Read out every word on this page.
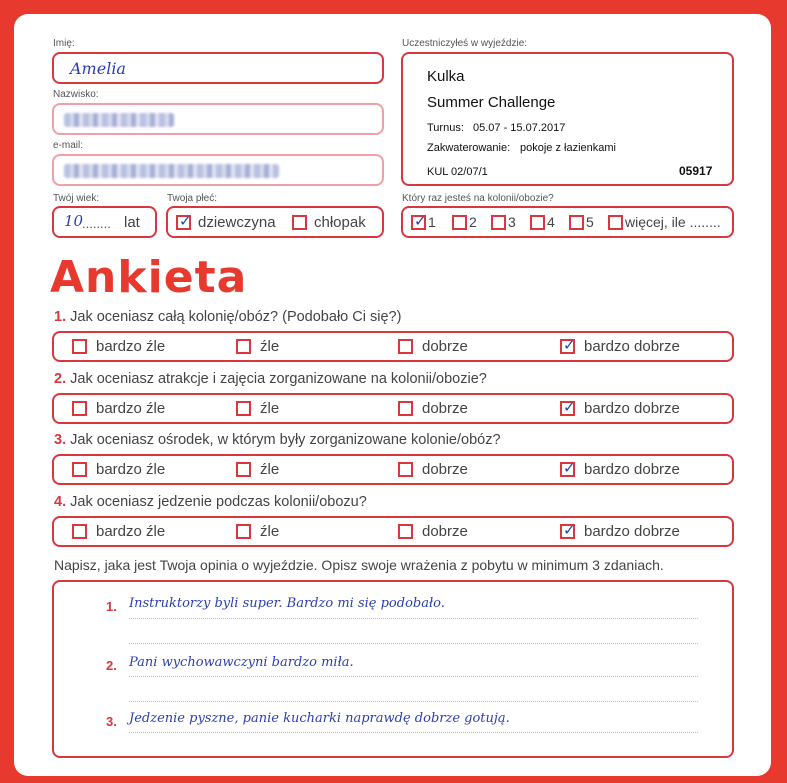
Imię:
Amelia
Nazwisko:
e-mail:
Twój wiek:
10
........ lat
Twoja płeć:
✓ dziewczyna	chłopak
Uczestniczyłeś w wyjeździe:
Kulka
Summer Challenge
Turnus: 05.07 - 15.07.2017
Zakwaterowanie: pokoje z łazienkami
KUL 02/07/1	05917
Który raz jesteś na kolonii/obozie?
✓ 1 2 3 4 5 więcej, ile ........
Ankieta
1. Jak oceniasz całą kolonię/obóz? (Podobało Ci się?)
bardzo źle	źle	dobrze	✓ bardzo dobrze
2. Jak oceniasz atrakcje i zajęcia zorganizowane na kolonii/obozie?
bardzo źle	źle	dobrze	✓ bardzo dobrze
3. Jak oceniasz ośrodek, w którym były zorganizowane kolonie/obóz?
bardzo źle	źle	dobrze	✓ bardzo dobrze
4. Jak oceniasz jedzenie podczas kolonii/obozu?
bardzo źle	źle	dobrze	✓ bardzo dobrze
Napisz, jaka jest Twoja opinia o wyjeździe. Opisz swoje wrażenia z pobytu w minimum 3 zdaniach.
1. Instruktorzy byli super. Bardzo mi się podobało.
2. Pani wychowawczyni bardzo miła.
3. Jedzenie pyszne, panie kucharki naprawdę dobrze gotują.
